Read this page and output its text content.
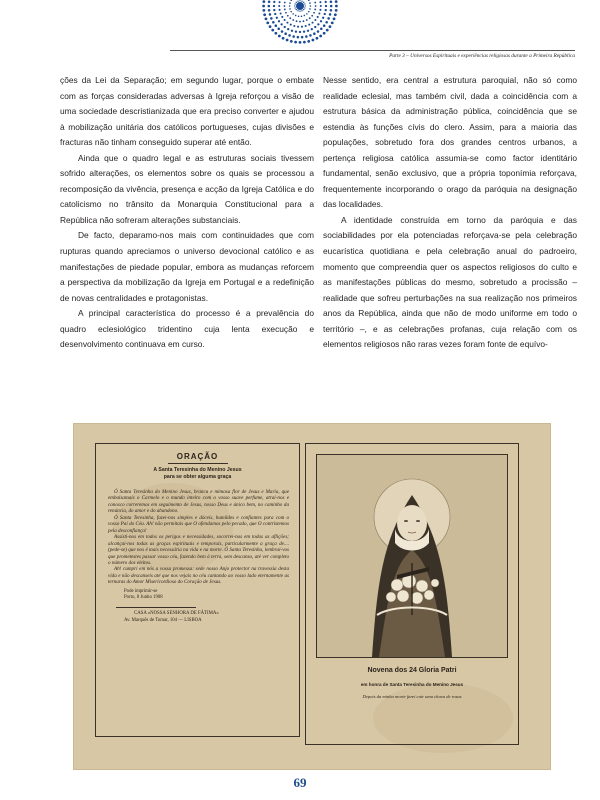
Parte 3 – Universos Espirituais e experiências religiosas durante a Primeira República

ções da Lei da Separação; em segundo lugar, porque o embate com as forças consideradas adversas à Igreja reforçou a visão de uma sociedade descristianizada que era preciso converter e ajudou à mobilização unitária dos católicos portugueses, cujas divisões e fracturas não tinham conseguido superar até então.

Ainda que o quadro legal e as estruturas sociais tivessem sofrido alterações, os elementos sobre os quais se processou a recomposição da vivência, presença e acção da Igreja Católica e do catolicismo no trânsito da Monarquia Constitucional para a República não sofreram alterações substanciais.

De facto, deparamo-nos mais com continuidades que com rupturas quando apreciamos o universo devocional católico e as manifestações de piedade popular, embora as mudanças reforcem a perspectiva da mobilização da Igreja em Portugal e a redefinição de novas centralidades e protagonistas.

A principal característica do processo é a prevalência do quadro eclesiológico tridentino cuja lenta execução e desenvolvimento continuava em curso.

Nesse sentido, era central a estrutura paroquial, não só como realidade eclesial, mas também civil, dada a coincidência com a estrutura básica da administração pública, coincidência que se estendia às funções cívis do clero. Assim, para a maioria das populações, sobretudo fora dos grandes centros urbanos, a pertença religiosa católica assumia-se como factor identitário fundamental, senão exclusivo, que a própria toponímia reforçava, frequentemente incorporando o orago da paróquia na designação das localidades.

A identidade construída em torno da paróquia e das sociabilidades por ela potenciadas reforçava-se pela celebração eucarística quotidiana e pela celebração anual do padroeiro, momento que compreendia quer os aspectos religiosos do culto e as manifestações públicas do mesmo, sobretudo a procissão – realidade que sofreu perturbações na sua realização nos primeiros anos da República, ainda que não de modo uniforme em todo o território –, e as celebrações profanas, cuja relação com os elementos religiosos não raras vezes foram fonte de equívo-

ORAÇÃO
A Santa Teresinha do Menino Jesus
para se obter alguma graça

Ó Santa Teresinha do Menino Jesus, branca e mimosa flor de Jesus e Maria, que embalsamais o Carmelo e o mundo inteiro com o vosso suave perfume, atraí-nos e conosco correremos em seguimento de Jesus, nosso Deus e único bem, no caminho da renúncia, do amor e do abandono.

Ó Santa Teresinha, fazei-nos simples e dóceis, humildes e confiantes para com o vosso Pai do Céu. Ah! não permitais que O ofendamos pelo pecado, que O contristemos pela desconfiança!

Assisti-nos em todos os perigos e necessidades, socorrei-nos em todas as aflições; alcançai-nos todas as graças espirituais e temporais, particularmente a graça de.... (pede-se) que nos é mais necessária na vida e na morte. Ó Santa Teresinha, lembrai-vos que prometestes passar vosso céu, fazendo bem à terra, sem descanso, até ver completo o número dos eleitos.

Ah! cumpri em nós a vossa promessa: sede nosso Anjo protector na travessia desta vida e não descanseis até que nos vejais no céu cantando ao vosso lado eternamente as ternuras do Amor Misericordioso do Coração de Jesus.

Pode imprimir-se
Porto, 8 Junho 1908
CASA «NOSSA SENHORA DE FÁTIMA»
Av. Marquês de Tomar, 104 — LISBOA
Novena dos 24 Gloria Patri
em honra de Santa Teresinha do Menino Jesus
Depois da minha morte farei cair uma chuva de rosas
69
